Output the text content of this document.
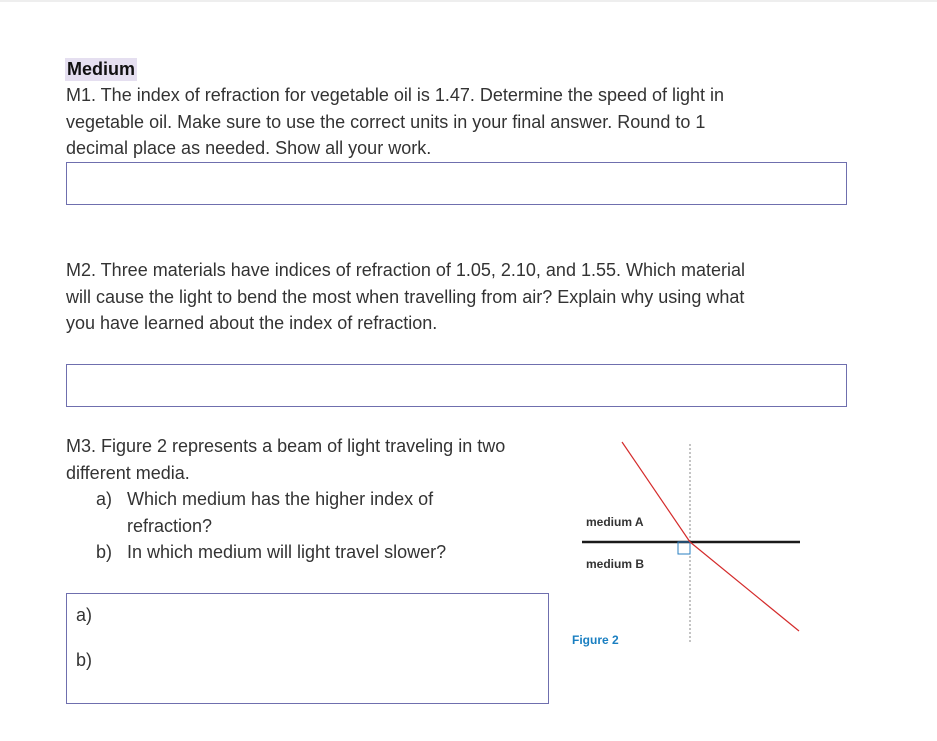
Medium
M1. The index of refraction for vegetable oil is 1.47. Determine the speed of light in
vegetable oil. Make sure to use the correct units in your final answer. Round to 1
decimal place as needed. Show all your work.
M2. Three materials have indices of refraction of 1.05, 2.10, and 1.55. Which material
will cause the light to bend the most when travelling from air? Explain why using what
you have learned about the index of refraction.
M3. Figure 2 represents a beam of light traveling in two
different media.
a) Which medium has the higher index of
refraction?
b) In which medium will light travel slower?
a)
b)
medium A
medium B
Figure 2
